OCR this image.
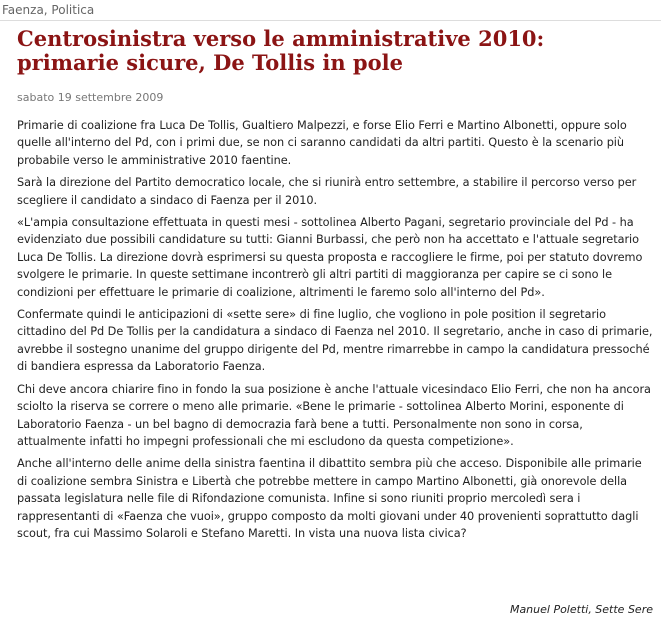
Faenza, Politica
Centrosinistra verso le amministrative 2010: primarie sicure, De Tollis in pole
sabato 19 settembre 2009

Primarie di coalizione fra Luca De Tollis, Gualtiero Malpezzi, e forse Elio Ferri e Martino Albonetti, oppure solo quelle all'interno del Pd, con i primi due, se non ci saranno candidati da altri partiti. Questo è la scenario più probabile verso le amministrative 2010 faentine.

Sarà la direzione del Partito democratico locale, che si riunirà entro settembre, a stabilire il percorso verso per scegliere il candidato a sindaco di Faenza per il 2010.

«L'ampia consultazione effettuata in questi mesi - sottolinea Alberto Pagani, segretario provinciale del Pd - ha evidenziato due possibili candidature su tutti: Gianni Burbassi, che però non ha accettato e l'attuale segretario Luca De Tollis. La direzione dovrà esprimersi su questa proposta e raccogliere le firme, poi per statuto dovremo svolgere le primarie. In queste settimane incontrerò gli altri partiti di maggioranza per capire se ci sono le condizioni per effettuare le primarie di coalizione, altrimenti le faremo solo all'interno del Pd».

Confermate quindi le anticipazioni di «sette sere» di fine luglio, che vogliono in pole position il segretario cittadino del Pd De Tollis per la candidatura a sindaco di Faenza nel 2010. Il segretario, anche in caso di primarie, avrebbe il sostegno unanime del gruppo dirigente del Pd, mentre rimarrebbe in campo la candidatura pressoché di bandiera espressa da Laboratorio Faenza.

Chi deve ancora chiarire fino in fondo la sua posizione è anche l'attuale vicesindaco Elio Ferri, che non ha ancora sciolto la riserva se correre o meno alle primarie. «Bene le primarie - sottolinea Alberto Morini, esponente di Laboratorio Faenza - un bel bagno di democrazia farà bene a tutti. Personalmente non sono in corsa, attualmente infatti ho impegni professionali che mi escludono da questa competizione».

Anche all'interno delle anime della sinistra faentina il dibattito sembra più che acceso. Disponibile alle primarie di coalizione sembra Sinistra e Libertà che potrebbe mettere in campo Martino Albonetti, già onorevole della passata legislatura nelle file di Rifondazione comunista. Infine si sono riuniti proprio mercoledì sera i rappresentanti di «Faenza che vuoi», gruppo composto da molti giovani under 40 provenienti soprattutto dagli scout, fra cui Massimo Solaroli e Stefano Maretti. In vista una nuova lista civica?

Manuel Poletti, Sette Sere
